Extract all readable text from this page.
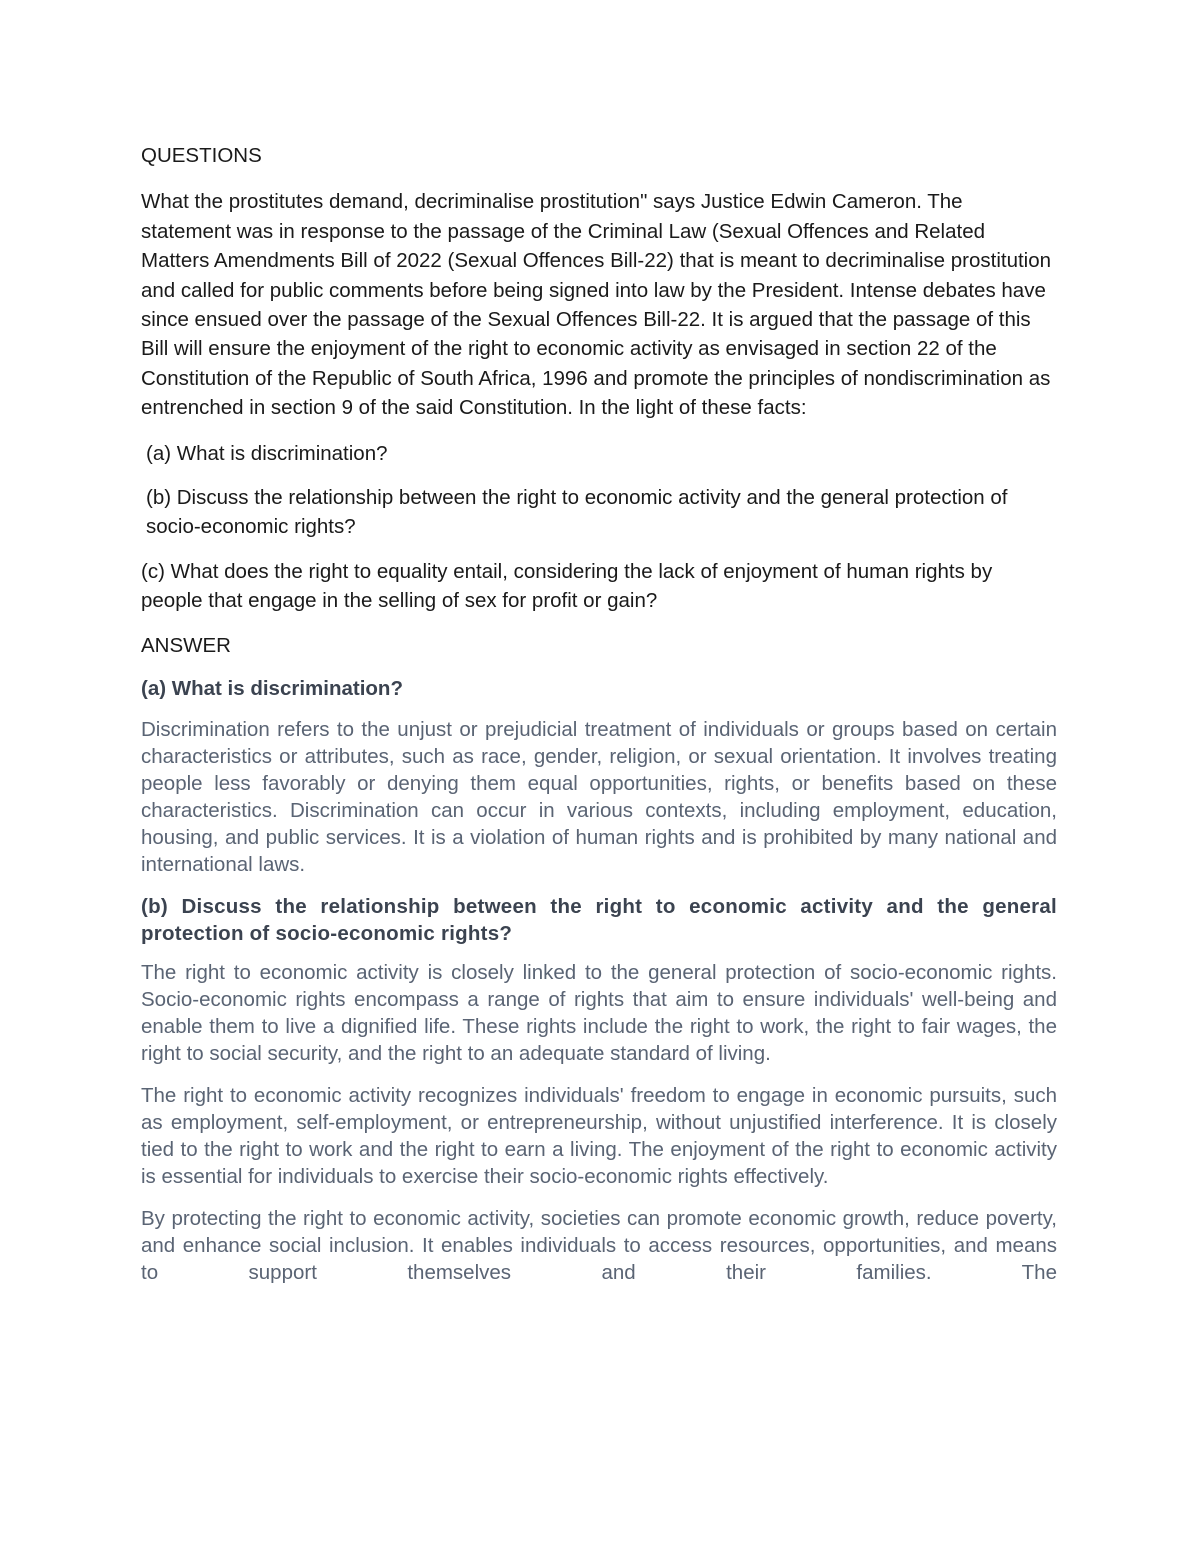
QUESTIONS

What the prostitutes demand, decriminalise prostitution" says Justice Edwin Cameron. The statement was in response to the passage of the Criminal Law (Sexual Offences and Related Matters Amendments Bill of 2022 (Sexual Offences Bill-22) that is meant to decriminalise prostitution and called for public comments before being signed into law by the President. Intense debates have since ensued over the passage of the Sexual Offences Bill-22. It is argued that the passage of this Bill will ensure the enjoyment of the right to economic activity as envisaged in section 22 of the Constitution of the Republic of South Africa, 1996 and promote the principles of nondiscrimination as entrenched in section 9 of the said Constitution. In the light of these facts:

(a) What is discrimination?

(b) Discuss the relationship between the right to economic activity and the general protection of socio-economic rights?

(c) What does the right to equality entail, considering the lack of enjoyment of human rights by people that engage in the selling of sex for profit or gain?

ANSWER

(a) What is discrimination?

Discrimination refers to the unjust or prejudicial treatment of individuals or groups based on certain characteristics or attributes, such as race, gender, religion, or sexual orientation. It involves treating people less favorably or denying them equal opportunities, rights, or benefits based on these characteristics. Discrimination can occur in various contexts, including employment, education, housing, and public services. It is a violation of human rights and is prohibited by many national and international laws.

(b) Discuss the relationship between the right to economic activity and the general protection of socio-economic rights?

The right to economic activity is closely linked to the general protection of socio-economic rights. Socio-economic rights encompass a range of rights that aim to ensure individuals' well-being and enable them to live a dignified life. These rights include the right to work, the right to fair wages, the right to social security, and the right to an adequate standard of living.

The right to economic activity recognizes individuals' freedom to engage in economic pursuits, such as employment, self-employment, or entrepreneurship, without unjustified interference. It is closely tied to the right to work and the right to earn a living. The enjoyment of the right to economic activity is essential for individuals to exercise their socio-economic rights effectively.

By protecting the right to economic activity, societies can promote economic growth, reduce poverty, and enhance social inclusion. It enables individuals to access resources, opportunities, and means to support themselves and their families. The
